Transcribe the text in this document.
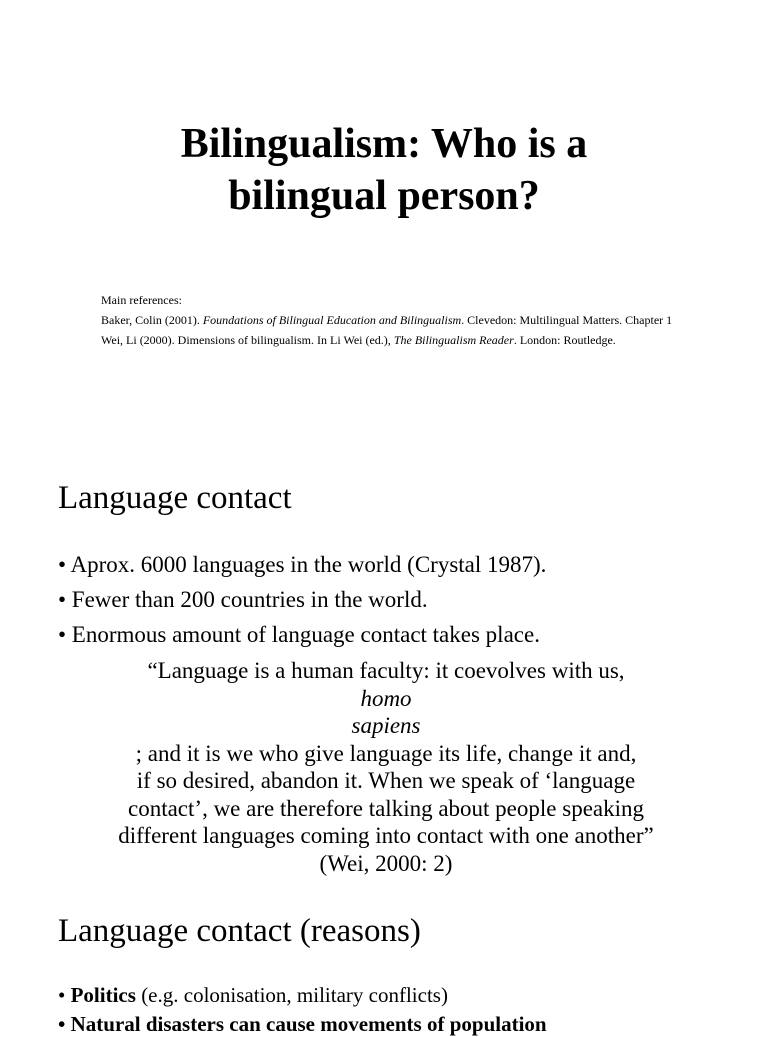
Bilingualism: Who is a
bilingual person?

Main references:

Baker, Colin (2001). Foundations of Bilingual Education and Bilingualism. Clevedon: Multilingual Matters. Chapter 1

Wei, Li (2000). Dimensions of bilingualism. In Li Wei (ed.), The Bilingualism Reader. London: Routledge.

Language contact
• Aprox. 6000 languages in the world (Crystal 1987).
• Fewer than 200 countries in the world.
• Enormous amount of language contact takes place.
“Language is a human faculty: it coevolves with us,
homo
sapiens
; and it is we who give language its life, change it and,
if so desired, abandon it. When we speak of ‘language
contact’, we are therefore talking about people speaking
different languages coming into contact with one another”
(Wei, 2000: 2)
Language contact (reasons)
• Politics (e.g. colonisation, military conflicts)
• Natural disasters can cause movements of population
